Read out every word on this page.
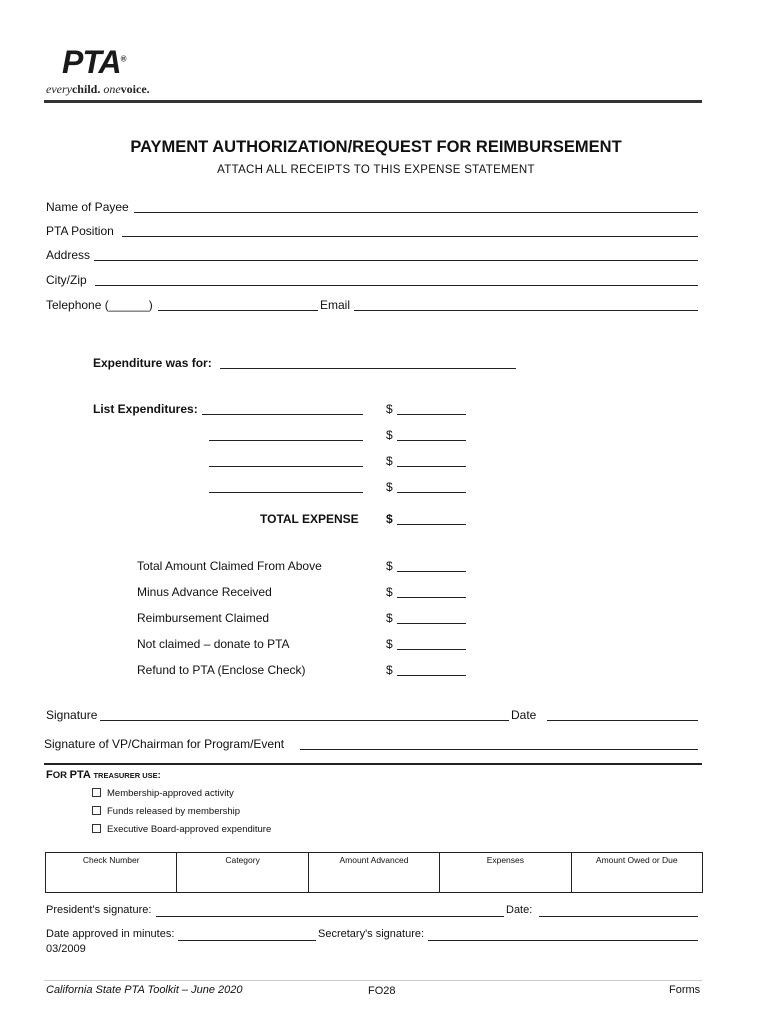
PTA®
everychild. onevoice.
PAYMENT AUTHORIZATION/REQUEST FOR REIMBURSEMENT
ATTACH ALL RECEIPTS TO THIS EXPENSE STATEMENT
Name of Payee
PTA Position
Address
City/Zip
Telephone (______)	Email
Expenditure was for:
List Expenditures:	$
$
$
$
TOTAL EXPENSE $
Total Amount Claimed From Above	$
Minus Advance Received	$
Reimbursement Claimed	$
Not claimed – donate to PTA	$
Refund to PTA (Enclose Check)	$
Signature	Date
Signature of VP/Chairman for Program/Event
FOR PTA TREASURER USE:
Membership-approved activity
Funds released by membership
Executive Board-approved expenditure
Check Number	Category	Amount Advanced	Expenses	Amount Owed or Due
President's signature:	Date:
Date approved in minutes:	Secretary's signature:
03/2009
California State PTA Toolkit – June 2020	FO28	Forms
